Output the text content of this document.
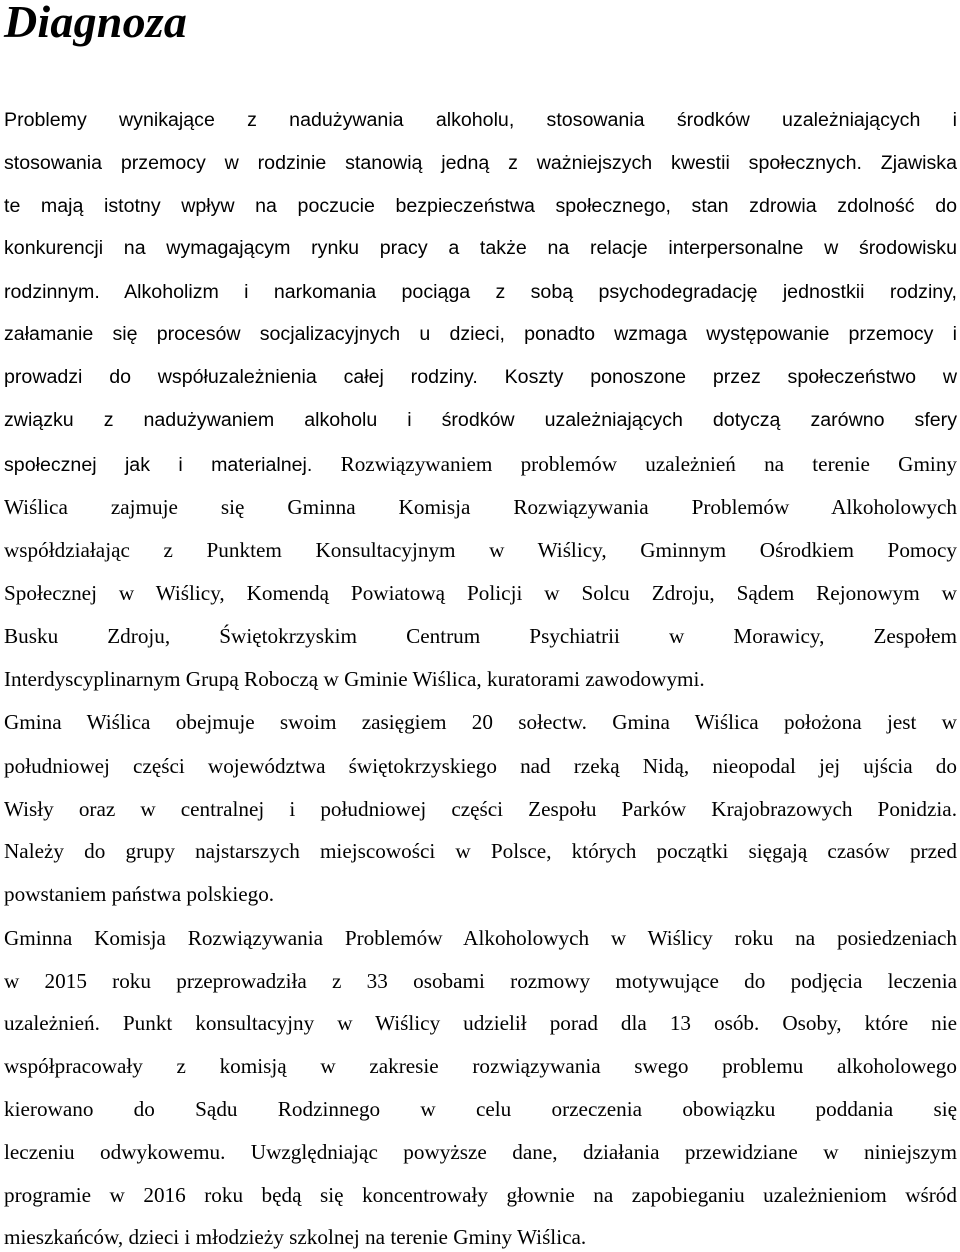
Diagnoza
Problemy wynikające z nadużywania alkoholu, stosowania środków uzależniających i
stosowania przemocy w rodzinie stanowią jedną z ważniejszych kwestii społecznych. Zjawiska
te mają istotny wpływ na poczucie bezpieczeństwa społecznego, stan zdrowia zdolność do
konkurencji na wymagającym rynku pracy a także na relacje interpersonalne w środowisku
rodzinnym. Alkoholizm i narkomania pociąga z sobą psychodegradację jednostkii rodziny,
załamanie się procesów socjalizacyjnych u dzieci, ponadto wzmaga występowanie przemocy i
prowadzi do współuzależnienia całej rodziny. Koszty ponoszone przez społeczeństwo w
związku z nadużywaniem alkoholu i środków uzależniających dotyczą zarówno sfery
społecznej jak i materialnej. Rozwiązywaniem problemów uzależnień na terenie Gminy
Wiślica zajmuje się Gminna Komisja Rozwiązywania Problemów Alkoholowych
współdziałając z Punktem Konsultacyjnym w Wiślicy, Gminnym Ośrodkiem Pomocy
Społecznej w Wiślicy, Komendą Powiatową Policji w Solcu Zdroju, Sądem Rejonowym w
Busku Zdroju, Świętokrzyskim Centrum Psychiatrii w Morawicy, Zespołem
Interdyscyplinarnym Grupą Roboczą w Gminie Wiślica, kuratorami zawodowymi.
Gmina Wiślica obejmuje swoim zasięgiem 20 sołectw. Gmina Wiślica położona jest w
południowej części województwa świętokrzyskiego nad rzeką Nidą, nieopodal jej ujścia do
Wisły oraz w centralnej i południowej części Zespołu Parków Krajobrazowych Ponidzia.
Należy do grupy najstarszych miejscowości w Polsce, których początki sięgają czasów przed
powstaniem państwa polskiego.
Gminna Komisja Rozwiązywania Problemów Alkoholowych w Wiślicy roku na posiedzeniach
w 2015 roku przeprowadziła z 33 osobami rozmowy motywujące do podjęcia leczenia
uzależnień. Punkt konsultacyjny w Wiślicy udzielił porad dla 13 osób. Osoby, które nie
współpracowały z komisją w zakresie rozwiązywania swego problemu alkoholowego
kierowano do Sądu Rodzinnego w celu orzeczenia obowiązku poddania się
leczeniu odwykowemu. Uwzględniając powyższe dane, działania przewidziane w niniejszym
programie w 2016 roku będą się koncentrowały głownie na zapobieganiu uzależnieniom wśród
mieszkańców, dzieci i młodzieży szkolnej na terenie Gminy Wiślica.
